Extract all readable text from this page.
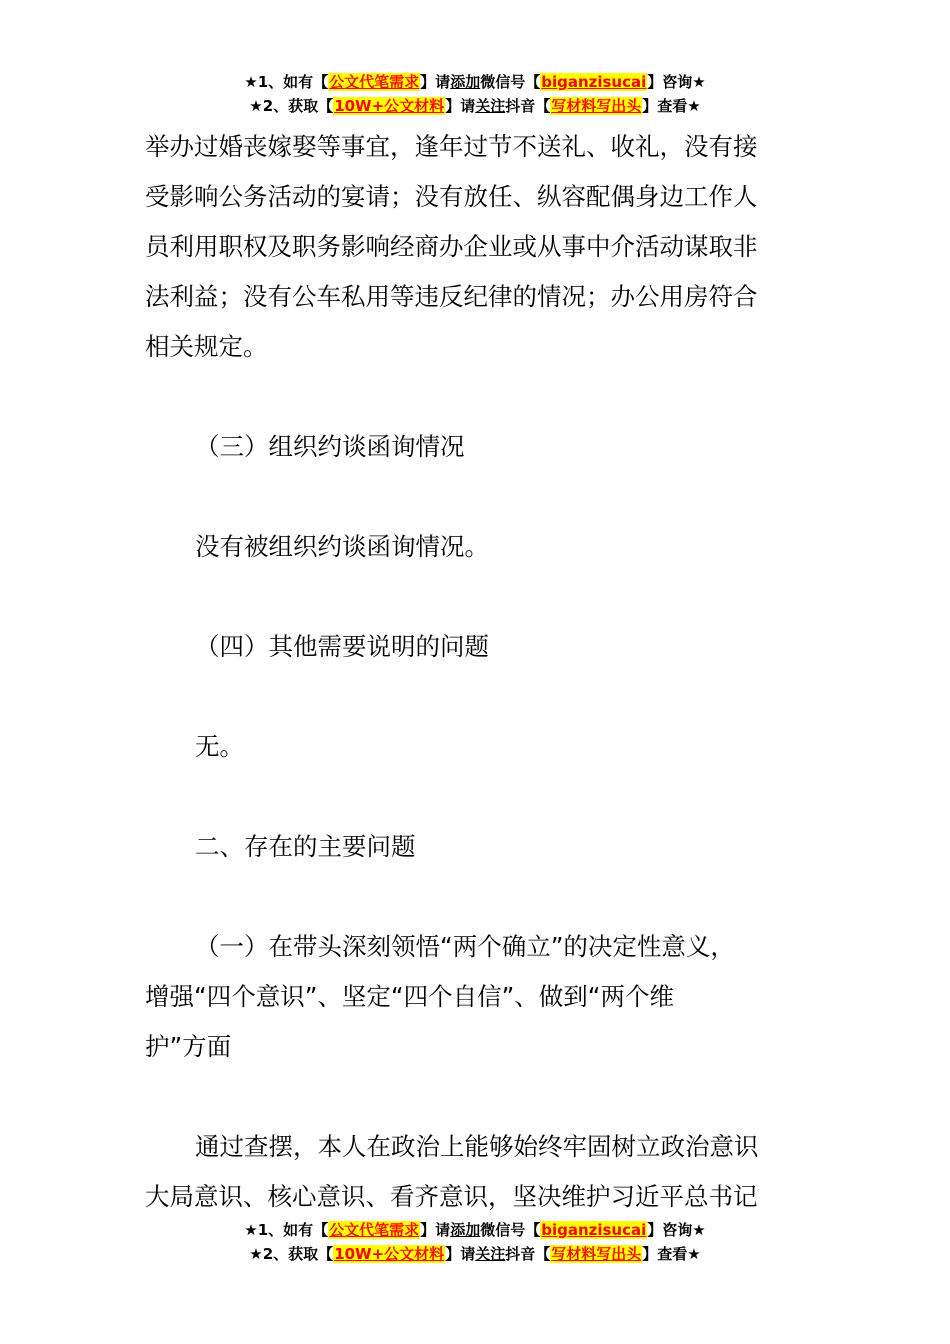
★1、如有【公文代笔需求】请添加微信号【biganzisucai】咨询★
★2、获取【10W+公文材料】请关注抖音【写材料写出头】查看★

举办过婚丧嫁娶等事宜，逢年过节不送礼、收礼，没有接

受影响公务活动的宴请；没有放任、纵容配偶身边工作人

员利用职权及职务影响经商办企业或从事中介活动谋取非

法利益；没有公车私用等违反纪律的情况；办公用房符合

相关规定。

（三）组织约谈函询情况

没有被组织约谈函询情况。

（四）其他需要说明的问题

无。

二、存在的主要问题

（一）在带头深刻领悟“两个确立”的决定性意义，

增强“四个意识”、坚定“四个自信”、做到“两个维

护”方面

通过查摆，本人在政治上能够始终牢固树立政治意识

大局意识、核心意识、看齐意识，坚决维护习近平总书记

★1、如有【公文代笔需求】请添加微信号【biganzisucai】咨询★
★2、获取【10W+公文材料】请关注抖音【写材料写出头】查看★
